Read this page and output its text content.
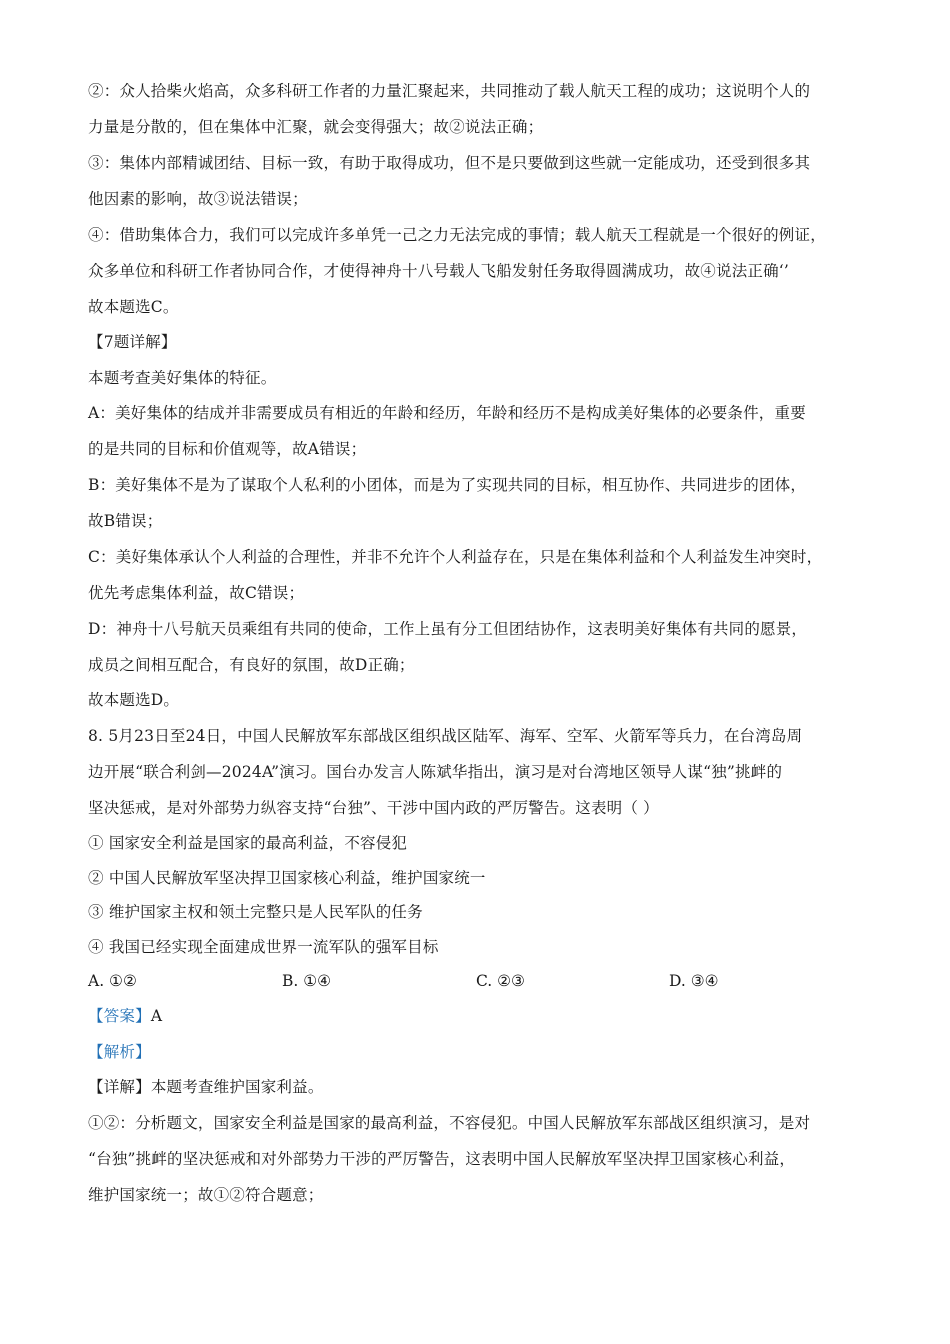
②：众人拾柴火焰高，众多科研工作者的力量汇聚起来，共同推动了载人航天工程的成功；这说明个人的
力量是分散的，但在集体中汇聚，就会变得强大；故②说法正确；
③：集体内部精诚团结、目标一致，有助于取得成功，但不是只要做到这些就一定能成功，还受到很多其
他因素的影响，故③说法错误；
④：借助集体合力，我们可以完成许多单凭一己之力无法完成的事情；载人航天工程就是一个很好的例证，
众多单位和科研工作者协同合作，才使得神舟十八号载人飞船发射任务取得圆满成功，故④说法正确‘’
故本题选C。
【7题详解】
本题考查美好集体的特征。
A：美好集体的结成并非需要成员有相近的年龄和经历，年龄和经历不是构成美好集体的必要条件，重要
的是共同的目标和价值观等，故A错误；
B：美好集体不是为了谋取个人私利的小团体，而是为了实现共同的目标，相互协作、共同进步的团体，
故B错误；
C：美好集体承认个人利益的合理性，并非不允许个人利益存在，只是在集体利益和个人利益发生冲突时，
优先考虑集体利益，故C错误；
D：神舟十八号航天员乘组有共同的使命，工作上虽有分工但团结协作，这表明美好集体有共同的愿景，
成员之间相互配合，有良好的氛围，故D正确；
故本题选D。
8. 5月23日至24日，中国人民解放军东部战区组织战区陆军、海军、空军、火箭军等兵力，在台湾岛周
边开展“联合利剑—2024A”演习。国台办发言人陈斌华指出，演习是对台湾地区领导人谋“独”挑衅的
坚决惩戒，是对外部势力纵容支持“台独”、干涉中国内政的严厉警告。这表明（ ）
① 国家安全利益是国家的最高利益，不容侵犯
② 中国人民解放军坚决捍卫国家核心利益，维护国家统一
③ 维护国家主权和领土完整只是人民军队的任务
④ 我国已经实现全面建成世界一流军队的强军目标
A. ①②	B. ①④	C. ②③	D. ③④
【答案】A
【解析】
【详解】本题考查维护国家利益。
①②：分析题文，国家安全利益是国家的最高利益，不容侵犯。中国人民解放军东部战区组织演习，是对
“台独”挑衅的坚决惩戒和对外部势力干涉的严厉警告，这表明中国人民解放军坚决捍卫国家核心利益，
维护国家统一；故①②符合题意；
